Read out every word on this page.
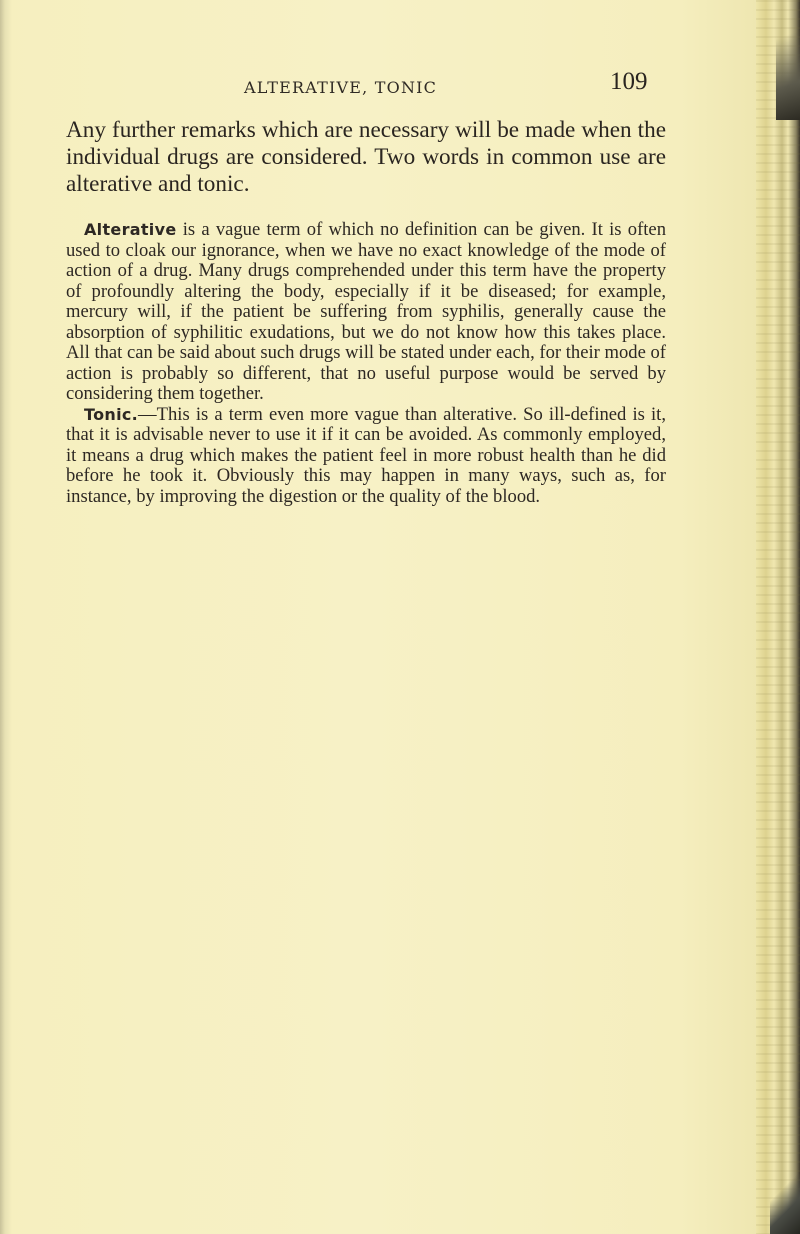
ALTERATIVE, TONIC	109

Any further remarks which are necessary will be made when the individual drugs are considered. Two words in common use are alterative and tonic.

Alterative is a vague term of which no definition can be given. It is often used to cloak our ignorance, when we have no exact knowledge of the mode of action of a drug. Many drugs comprehended under this term have the property of profoundly altering the body, especially if it be diseased; for example, mercury will, if the patient be suffering from syphilis, generally cause the absorption of syphilitic exudations, but we do not know how this takes place. All that can be said about such drugs will be stated under each, for their mode of action is probably so different, that no useful purpose would be served by considering them together.

Tonic.—This is a term even more vague than alterative. So ill-defined is it, that it is advisable never to use it if it can be avoided. As commonly employed, it means a drug which makes the patient feel in more robust health than he did before he took it. Obviously this may happen in many ways, such as, for instance, by improving the digestion or the quality of the blood.
